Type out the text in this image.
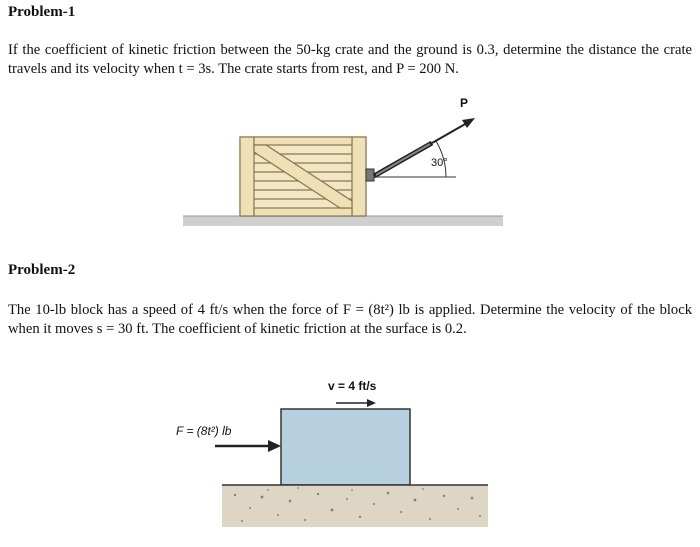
Problem-1
If the coefficient of kinetic friction between the 50-kg crate and the ground is 0.3, determine the distance the crate travels and its velocity when t = 3s. The crate starts from rest, and P = 200 N.
30°
P
Problem-2
The 10-lb block has a speed of 4 ft/s when the force of F = (8t²) lb is applied. Determine the velocity of the block when it moves s = 30 ft. The coefficient of kinetic friction at the surface is 0.2.
v = 4 ft/s
F = (8t²) lb
